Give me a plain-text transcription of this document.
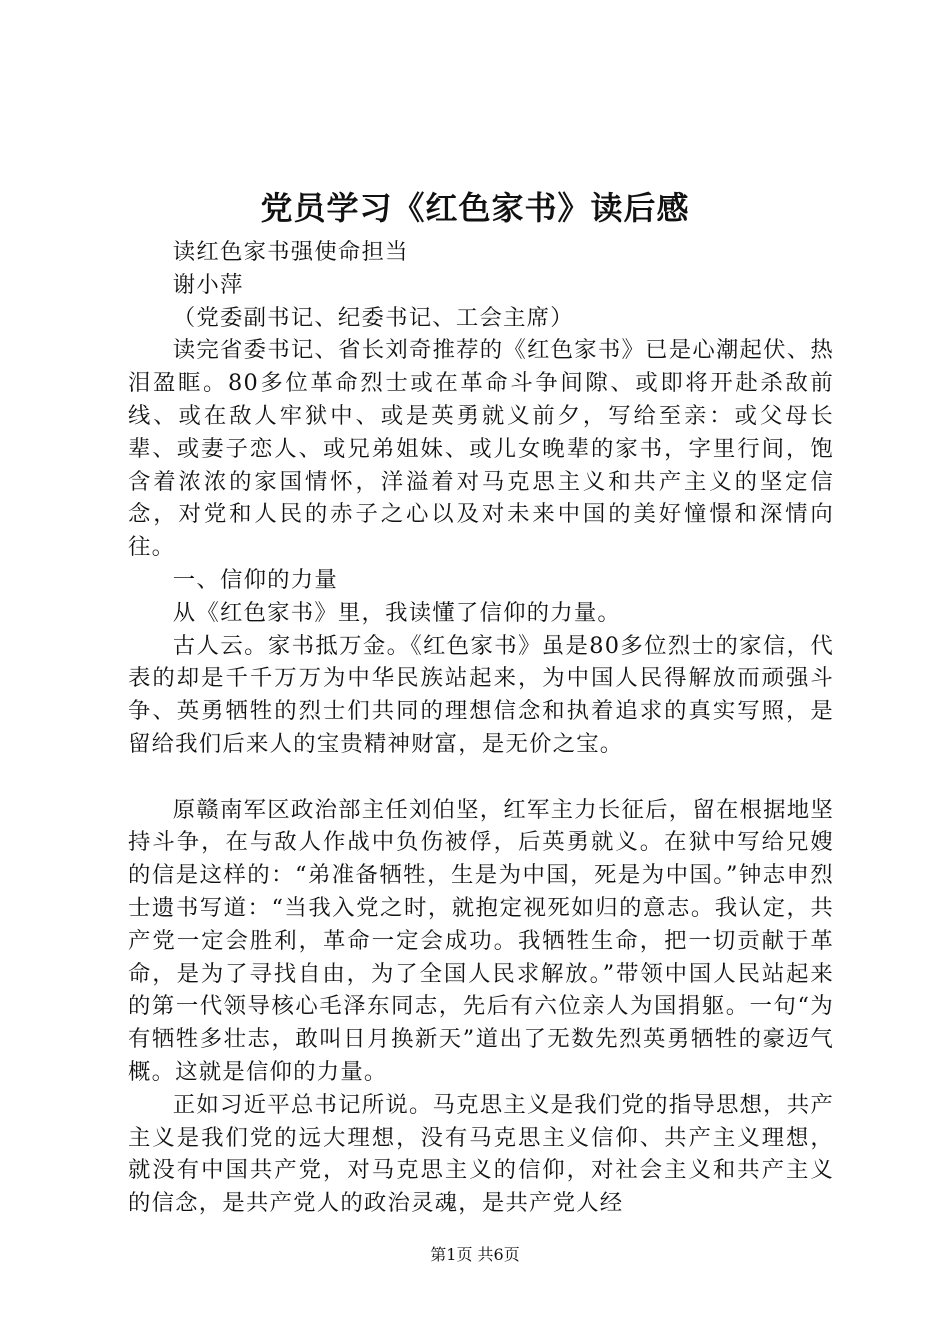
党员学习《红色家书》读后感

读红色家书强使命担当

谢小萍

（党委副书记、纪委书记、工会主席）

读完省委书记、省长刘奇推荐的《红色家书》已是心潮起伏、热泪盈眶。80多位革命烈士或在革命斗争间隙、或即将开赴杀敌前线、或在敌人牢狱中、或是英勇就义前夕，写给至亲：或父母长辈、或妻子恋人、或兄弟姐妹、或儿女晚辈的家书，字里行间，饱含着浓浓的家国情怀，洋溢着对马克思主义和共产主义的坚定信念，对党和人民的赤子之心以及对未来中国的美好憧憬和深情向往。

一、信仰的力量

从《红色家书》里，我读懂了信仰的力量。

古人云。家书抵万金。《红色家书》虽是80多位烈士的家信，代表的却是千千万万为中华民族站起来，为中国人民得解放而顽强斗争、英勇牺牲的烈士们共同的理想信念和执着追求的真实写照，是留给我们后来人的宝贵精神财富，是无价之宝。

原赣南军区政治部主任刘伯坚，红军主力长征后，留在根据地坚持斗争，在与敌人作战中负伤被俘，后英勇就义。在狱中写给兄嫂的信是这样的：“弟准备牺牲，生是为中国，死是为中国。”钟志申烈士遗书写道：“当我入党之时，就抱定视死如归的意志。我认定，共产党一定会胜利，革命一定会成功。我牺牲生命，把一切贡献于革命，是为了寻找自由，为了全国人民求解放。”带领中国人民站起来的第一代领导核心毛泽东同志，先后有六位亲人为国捐躯。一句“为有牺牲多壮志，敢叫日月换新天”道出了无数先烈英勇牺牲的豪迈气概。这就是信仰的力量。

正如习近平总书记所说。马克思主义是我们党的指导思想，共产主义是我们党的远大理想，没有马克思主义信仰、共产主义理想，就没有中国共产党，对马克思主义的信仰，对社会主义和共产主义的信念，是共产党人的政治灵魂，是共产党人经

第1页 共6页
